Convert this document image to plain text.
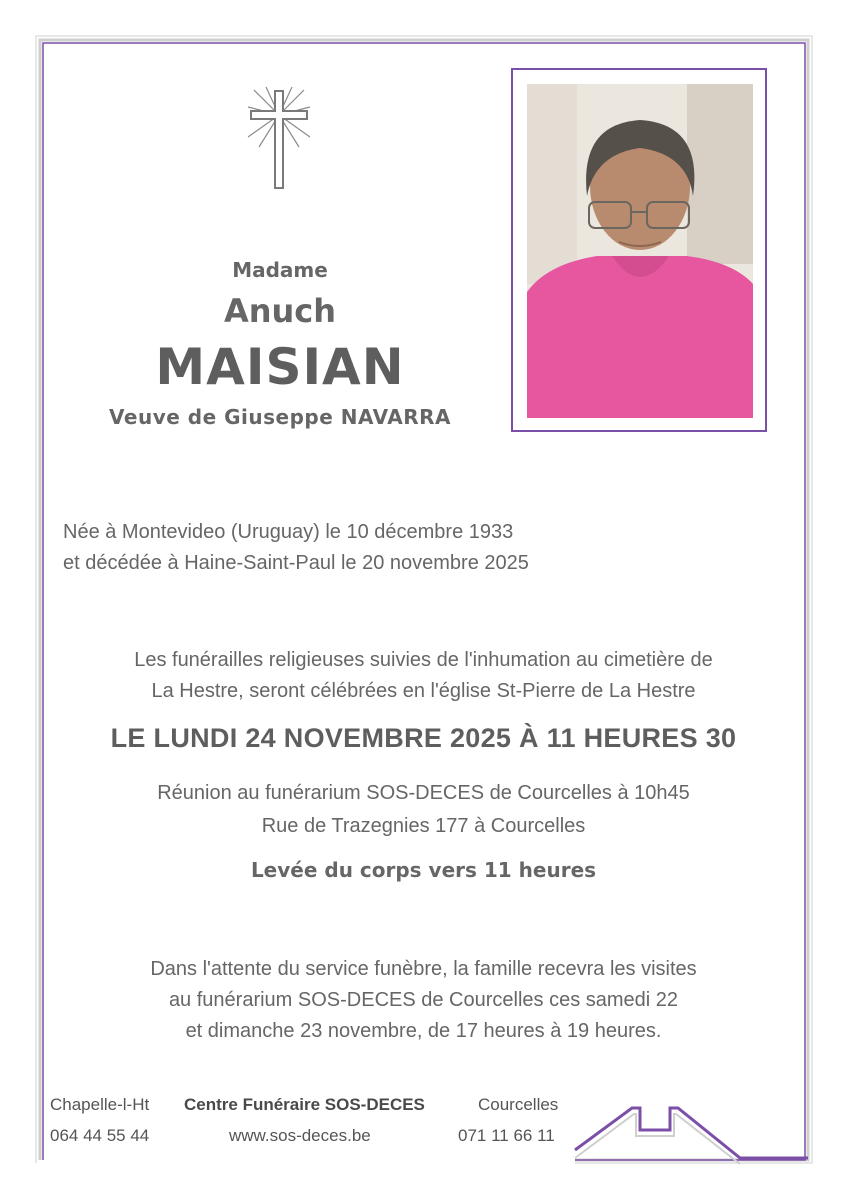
Madame
Anuch
MAISIAN
Veuve de Giuseppe NAVARRA
Née à Montevideo (Uruguay) le 10 décembre 1933
et décédée à Haine-Saint-Paul le 20 novembre 2025
Les funérailles religieuses suivies de l'inhumation au cimetière de
La Hestre, seront célébrées en l'église St-Pierre de La Hestre
LE LUNDI 24 NOVEMBRE 2025 À 11 HEURES 30
Réunion au funérarium SOS-DECES de Courcelles à 10h45
Rue de Trazegnies 177 à Courcelles
Levée du corps vers 11 heures
Dans l'attente du service funèbre, la famille recevra les visites
au funérarium SOS-DECES de Courcelles ces samedi 22
et dimanche 23 novembre, de 17 heures à 19 heures.
Chapelle-l-Ht
064 44 55 44
Centre Funéraire SOS-DECES
www.sos-deces.be
Courcelles
071 11 66 11
